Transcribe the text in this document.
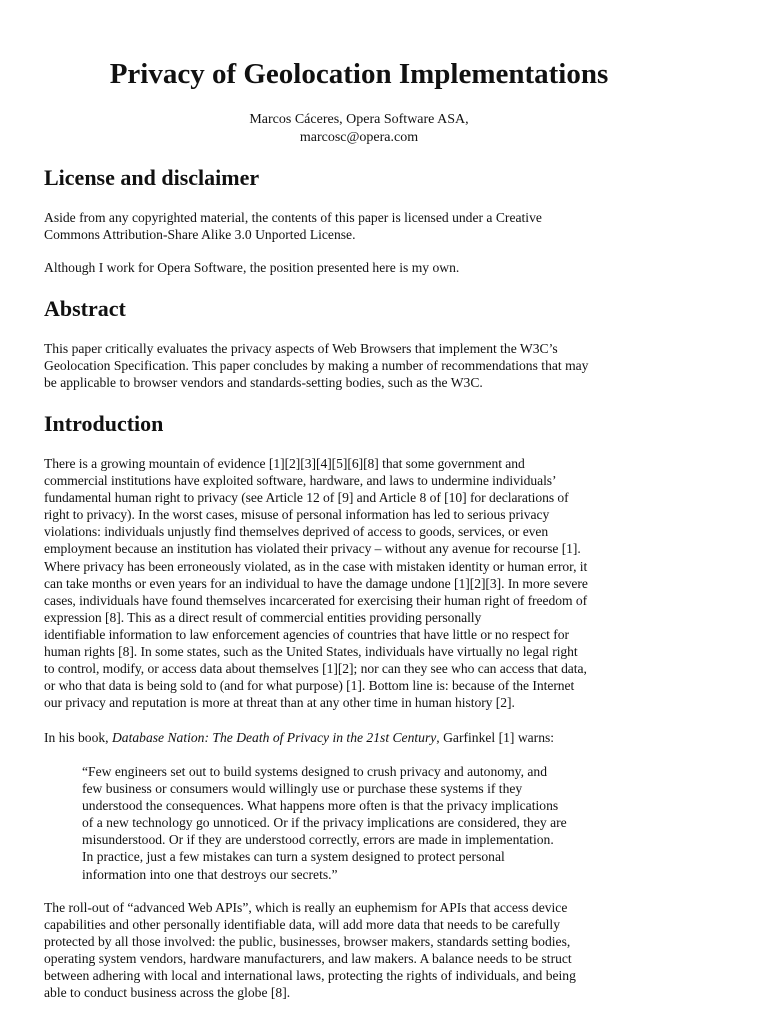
Privacy of Geolocation Implementations
Marcos Cáceres, Opera Software ASA,
marcosc@opera.com
License and disclaimer

Aside from any copyrighted material, the contents of this paper is licensed under a Creative
Commons Attribution-Share Alike 3.0 Unported License.

Although I work for Opera Software, the position presented here is my own.

Abstract

This paper critically evaluates the privacy aspects of Web Browsers that implement the W3C’s
Geolocation Specification. This paper concludes by making a number of recommendations that may
be applicable to browser vendors and standards-setting bodies, such as the W3C.

Introduction

There is a growing mountain of evidence [1][2][3][4][5][6][8] that some government and
commercial institutions have exploited software, hardware, and laws to undermine individuals’
fundamental human right to privacy (see Article 12 of [9] and Article 8 of [10] for declarations of
right to privacy). In the worst cases, misuse of personal information has led to serious privacy
violations: individuals unjustly find themselves deprived of access to goods, services, or even
employment because an institution has violated their privacy – without any avenue for recourse [1].
Where privacy has been erroneously violated, as in the case with mistaken identity or human error, it
can take months or even years for an individual to have the damage undone [1][2][3]. In more severe
cases, individuals have found themselves incarcerated for exercising their human right of freedom of
expression [8]. This as a direct result of commercial entities providing personally
identifiable information to law enforcement agencies of countries that have little or no respect for
human rights [8]. In some states, such as the United States, individuals have virtually no legal right
to control, modify, or access data about themselves [1][2]; nor can they see who can access that data,
or who that data is being sold to (and for what purpose) [1]. Bottom line is: because of the Internet
our privacy and reputation is more at threat than at any other time in human history [2].

In his book, Database Nation: The Death of Privacy in the 21st Century, Garfinkel [1] warns:

“Few engineers set out to build systems designed to crush privacy and autonomy, and
few business or consumers would willingly use or purchase these systems if they
understood the consequences. What happens more often is that the privacy implications
of a new technology go unnoticed. Or if the privacy implications are considered, they are
misunderstood. Or if they are understood correctly, errors are made in implementation.
In practice, just a few mistakes can turn a system designed to protect personal
information into one that destroys our secrets.”

The roll-out of “advanced Web APIs”, which is really an euphemism for APIs that access device
capabilities and other personally identifiable data, will add more data that needs to be carefully
protected by all those involved: the public, businesses, browser makers, standards setting bodies,
operating system vendors, hardware manufacturers, and law makers. A balance needs to be struct
between adhering with local and international laws, protecting the rights of individuals, and being
able to conduct business across the globe [8].
